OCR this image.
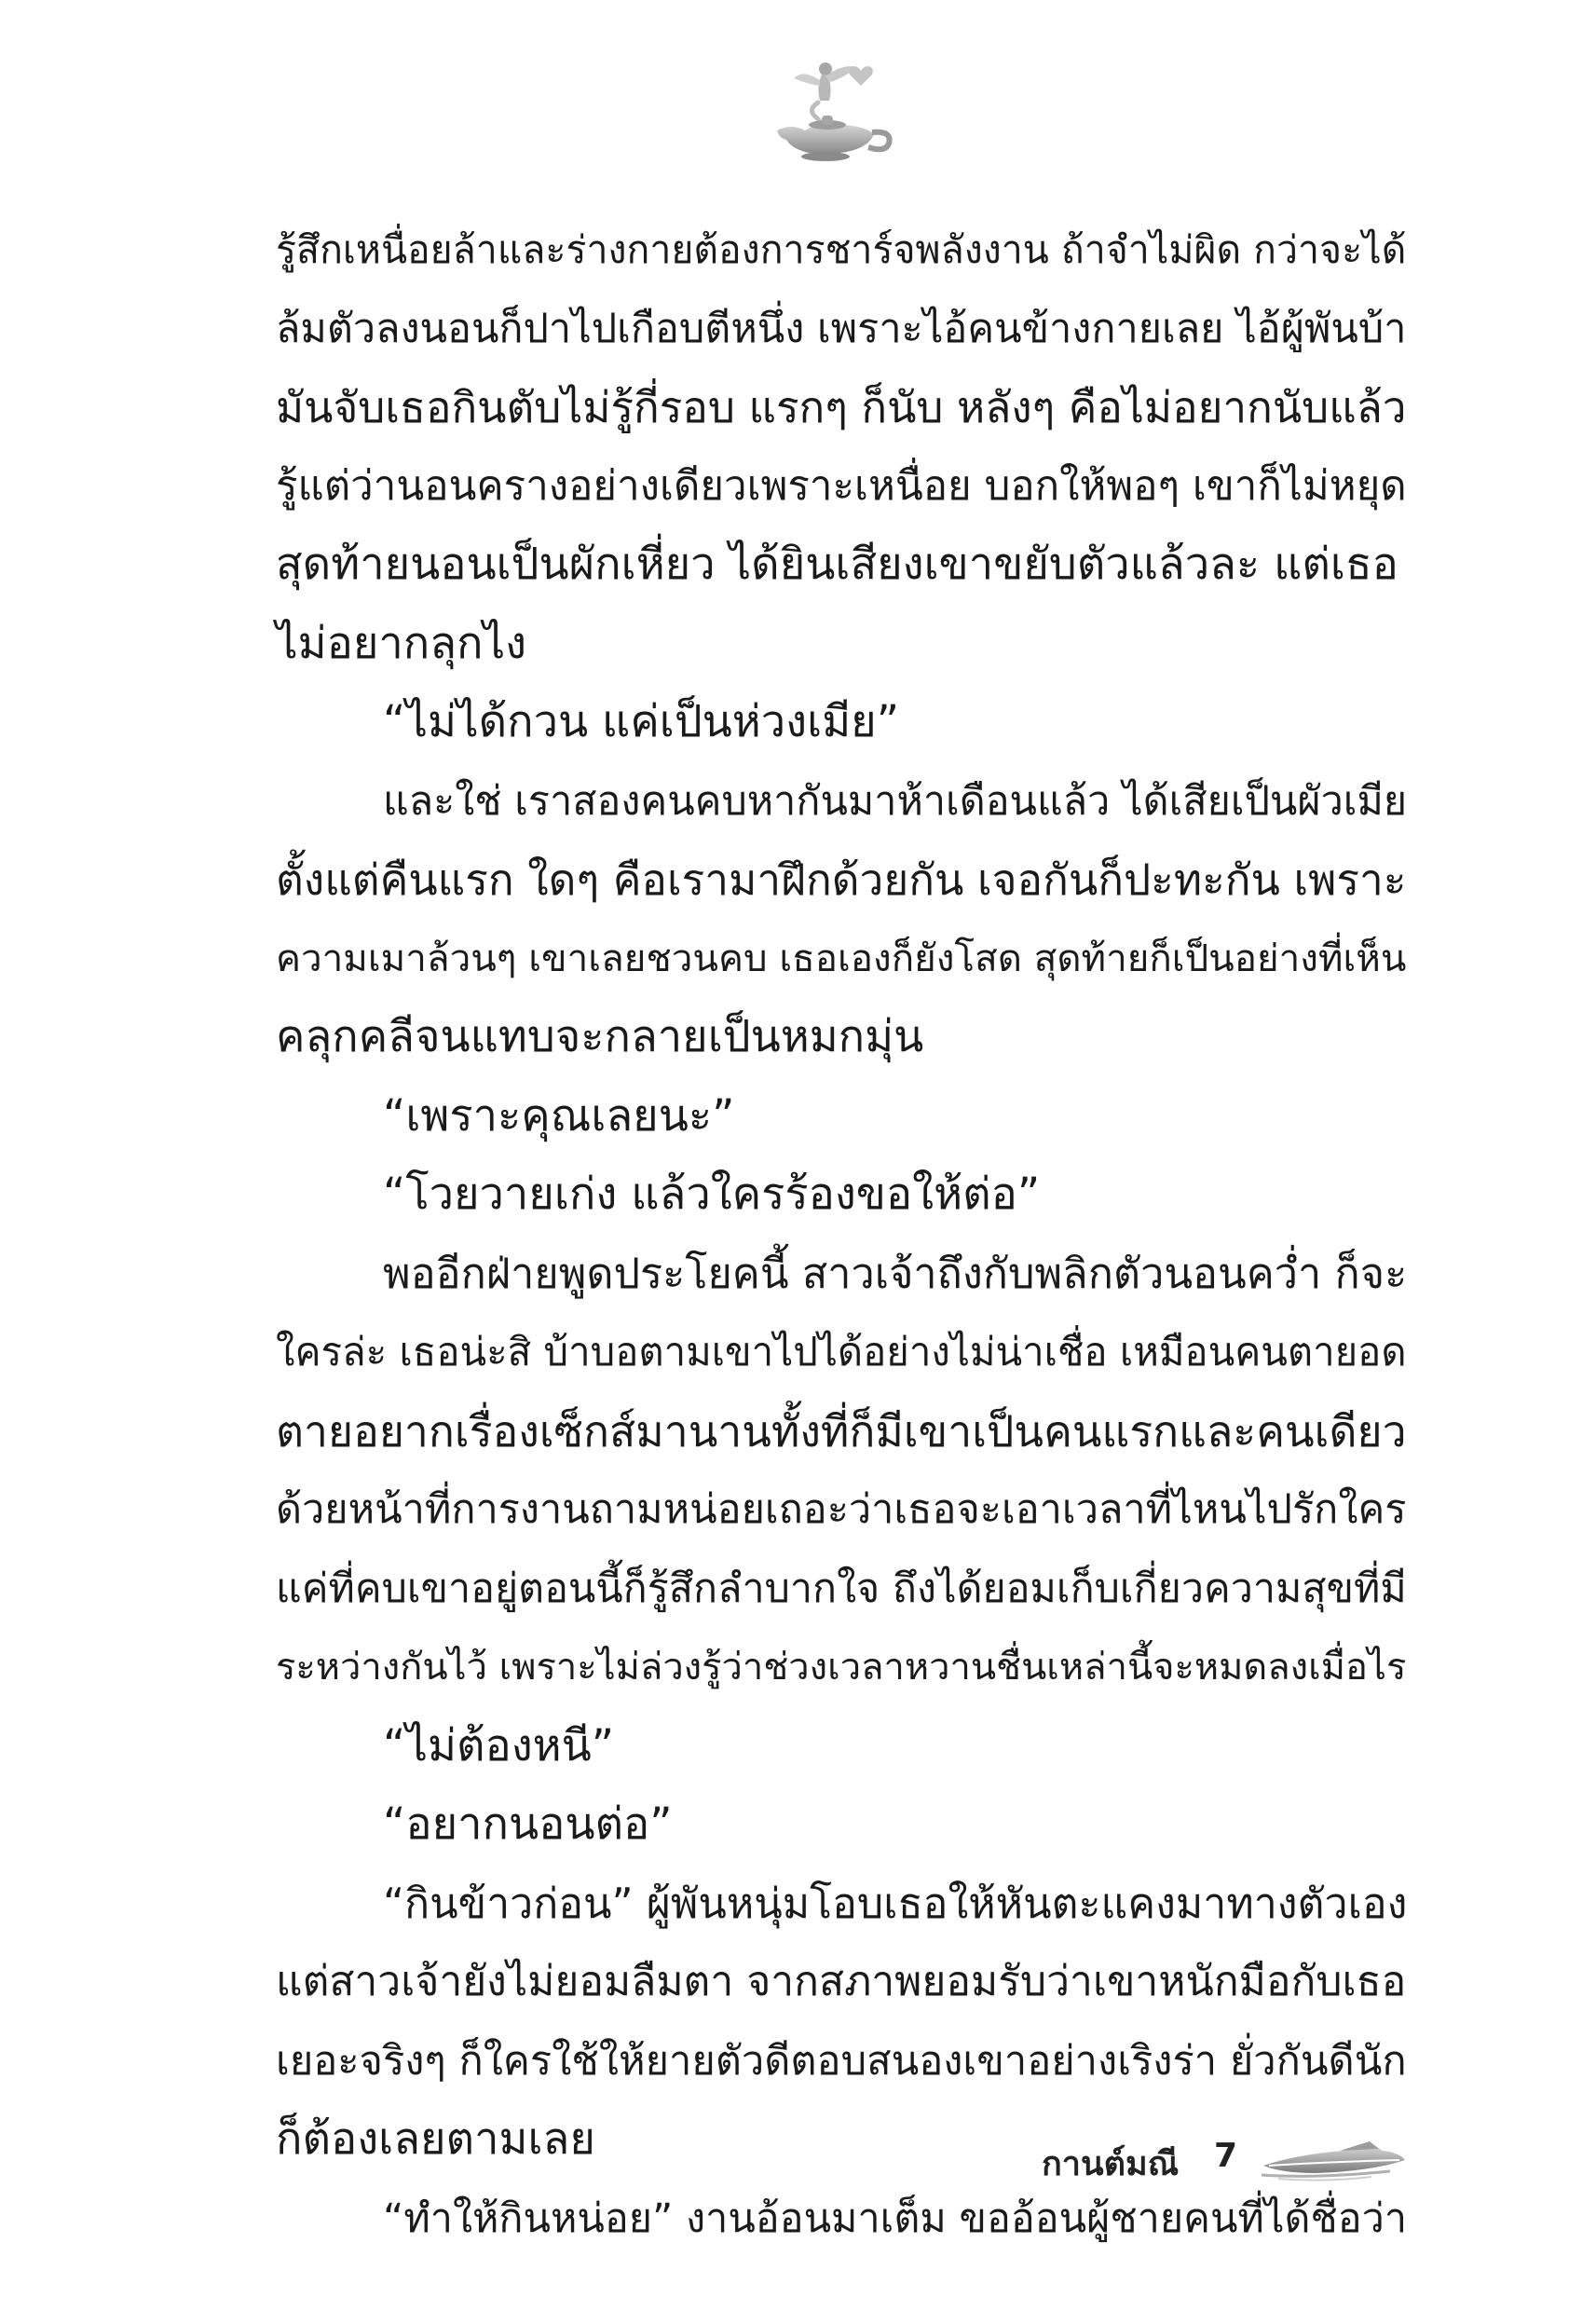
รู้สึกเหนื่อยล้าและร่างกายต้องการชาร์จพลังงาน ถ้าจำไม่ผิด กว่าจะได้

ล้มตัวลงนอนก็ปาไปเกือบตีหนึ่ง เพราะไอ้คนข้างกายเลย ไอ้ผู้พันบ้า

มันจับเธอกินตับไม่รู้กี่รอบ แรกๆ ก็นับ หลังๆ คือไม่อยากนับแล้ว

รู้แต่ว่านอนครางอย่างเดียวเพราะเหนื่อย บอกให้พอๆ เขาก็ไม่หยุด

สุดท้ายนอนเป็นผักเหี่ยว ได้ยินเสียงเขาขยับตัวแล้วละ แต่เธอ

ไม่อยากลุกไง

“ไม่ได้กวน แค่เป็นห่วงเมีย”

และใช่ เราสองคนคบหากันมาห้าเดือนแล้ว ได้เสียเป็นผัวเมีย

ตั้งแต่คืนแรก ใดๆ คือเรามาฝึกด้วยกัน เจอกันก็ปะทะกัน เพราะ

ความเมาล้วนๆ เขาเลยชวนคบ เธอเองก็ยังโสด สุดท้ายก็เป็นอย่างที่เห็น

คลุกคลีจนแทบจะกลายเป็นหมกมุ่น

“เพราะคุณเลยนะ”

“โวยวายเก่ง แล้วใครร้องขอให้ต่อ”

พออีกฝ่ายพูดประโยคนี้ สาวเจ้าถึงกับพลิกตัวนอนคว่ำ ก็จะ

ใครล่ะ เธอน่ะสิ บ้าบอตามเขาไปได้อย่างไม่น่าเชื่อ เหมือนคนตายอด

ตายอยากเรื่องเซ็กส์มานานทั้งที่ก็มีเขาเป็นคนแรกและคนเดียว

ด้วยหน้าที่การงานถามหน่อยเถอะว่าเธอจะเอาเวลาที่ไหนไปรักใคร

แค่ที่คบเขาอยู่ตอนนี้ก็รู้สึกลำบากใจ ถึงได้ยอมเก็บเกี่ยวความสุขที่มี

ระหว่างกันไว้ เพราะไม่ล่วงรู้ว่าช่วงเวลาหวานชื่นเหล่านี้จะหมดลงเมื่อไร

“ไม่ต้องหนี”

“อยากนอนต่อ”

“กินข้าวก่อน” ผู้พันหนุ่มโอบเธอให้หันตะแคงมาทางตัวเอง

แต่สาวเจ้ายังไม่ยอมลืมตา จากสภาพยอมรับว่าเขาหนักมือกับเธอ

เยอะจริงๆ ก็ใครใช้ให้ยายตัวดีตอบสนองเขาอย่างเริงร่า ยั่วกันดีนัก

ก็ต้องเลยตามเลย

“ทำให้กินหน่อย” งานอ้อนมาเต็ม ขออ้อนผู้ชายคนที่ได้ชื่อว่า

กานต์มณี 7
